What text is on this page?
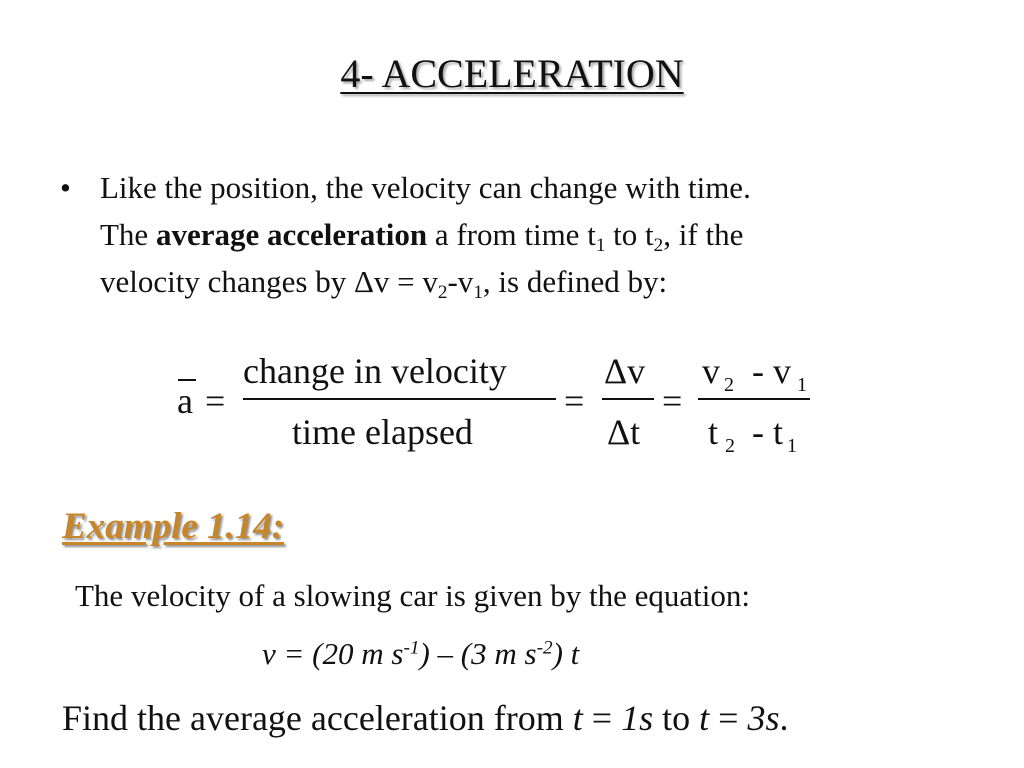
4- ACCELERATION
• Like the position, the velocity can change with time.
The average acceleration a from time $t_1$ to $t_2$, if the
velocity changes by $\Delta v = v_2-v_1$, is defined by:
a =
change in velocity
time elapsed
=
Δv
Δt
=
v 2 - v 1
t 2 - t 1
Example 1.14:
The velocity of a slowing car is given by the equation:
v = (20 m $s^{-1}) - (3$ m $s^{-2}$) t
Find the average acceleration from t = 1s to t = 3s.
